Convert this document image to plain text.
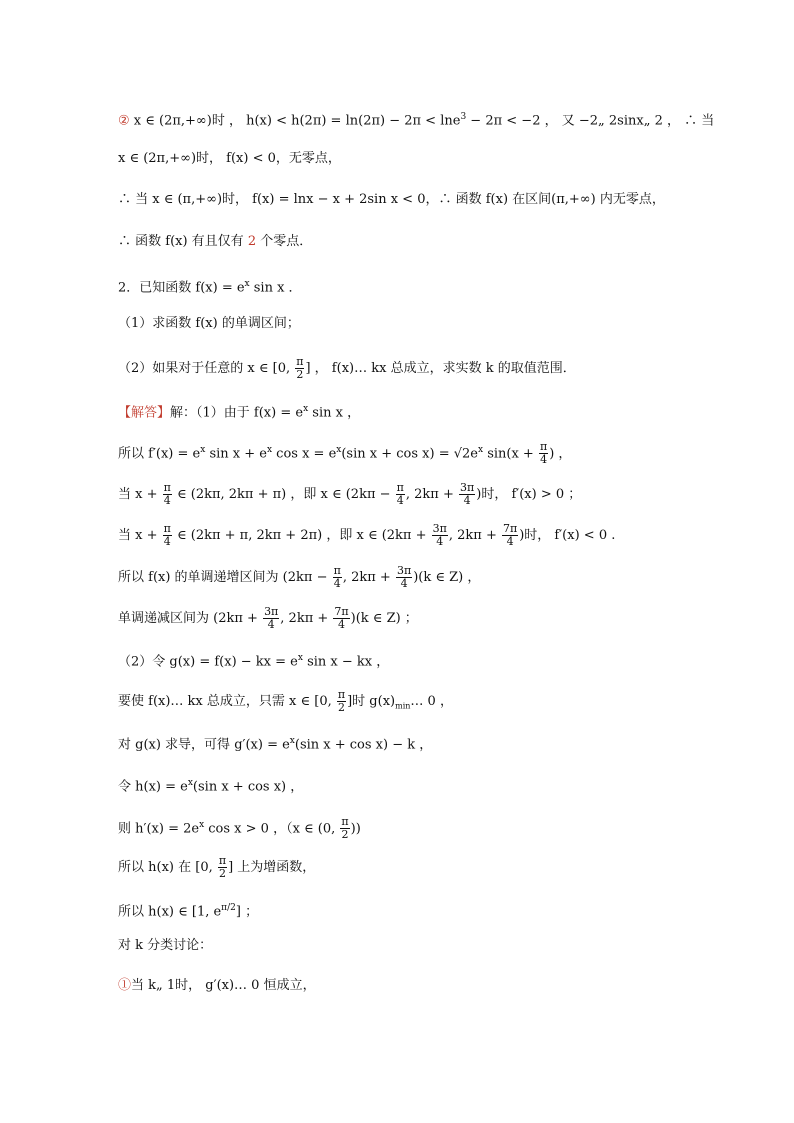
② x ∈ (2π,+∞)时 ， h(x) < h(2π) = ln(2π) − 2π < lne$^3$ − 2π < −2 ， 又 −2„ 2sinx„ 2 ， ∴ 当
x ∈ (2π,+∞)时， f(x) < 0，无零点，
∴ 当 x ∈ (π,+∞)时， f(x) = lnx − x + 2sin x < 0，∴ 函数 f(x) 在区间(π,+∞) 内无零点，
∴ 函数 f(x) 有且仅有 2 个零点．
2．已知函数 $f(x) = e^x$ sin x ．
（1）求函数 f(x) 的单调区间；
（2）如果对于任意的 x ∈ [0, $\frac{\pi}{2}$ ] ， f(x)… kx 总成立，求实数 k 的取值范围．
【解答】解：（1）由于 $f(x) = e^x$ sin x ，
所以 $f'(x) = e^x$ $\sin x + e^x$ $\cos x = e^x(\sin$ $x + \cos x) = √2e^x$ $\sin(x + \frac{\pi}{4}$ ) ，
当 $x + \frac{\pi}{4}$ ∈ (2kπ, 2kπ + π) ，即 x ∈ ($2k\pi - \frac{\pi}{4}$ , $2k\pi + \frac{3\pi}{4}$ )时， f′(x) > 0 ；
当 $x + \frac{\pi}{4}$ ∈ (2kπ + π, 2kπ + 2π) ，即 x ∈ ($2k\pi + \frac{3\pi}{4}$ , $2k\pi + \frac{7\pi}{4}$ )时， f′(x) < 0 .
所以 f(x) 的单调递增区间为 ($2k\pi - \frac{\pi}{4}$ , $2k\pi + \frac{3\pi}{4} )(k$ ∈ Z) ，
单调递减区间为 ($2k\pi + \frac{3\pi}{4}$ , $2k\pi + \frac{7\pi}{4} )(k$ ∈ Z) ；
（2）令 g(x) = f(x) − kx = $e^x$ sin x − kx ，
要使 f(x)… kx 总成立，只需 x ∈ [0, $\frac{\pi}{2}$ ]时 $g(x)_{min}\dots$ 0 ，
对 g(x) 求导，可得 $g'(x) = e^x(\sin$ x + cos x) − k ，
令 $h(x) = e^x(\sin$ x + cos x) ，
则 $h'(x) = 2e^x$ cos x > 0 ，（x ∈ (0, $\frac{\pi}{2}$ ))
所以 h(x) 在 [0, $\frac{\pi}{2}$ ] 上为增函数，
所以 h(x) ∈ [1, $e^{\pi/2}$] ；
对 k 分类讨论：
①当 k„ 1时， g′(x)… 0 恒成立，
